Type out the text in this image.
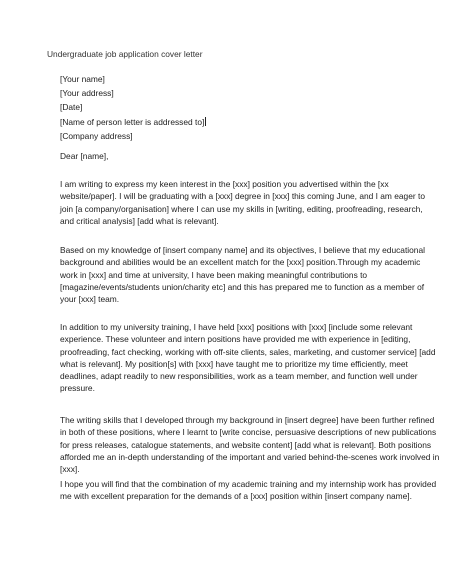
Undergraduate job application cover letter
[Your name]
[Your address]
[Date]
[Name of person letter is addressed to]
[Company address]
Dear [name],
I am writing to express my keen interest in the [xxx] position you advertised within the [xx
website/paper]. I will be graduating with a [xxx] degree in [xxx] this coming June, and I am eager to
join [a company/organisation] where I can use my skills in [writing, editing, proofreading, research,
and critical analysis] [add what is relevant].
Based on my knowledge of [insert company name] and its objectives, I believe that my educational
background and abilities would be an excellent match for the [xxx] position.Through my academic
work in [xxx] and time at university, I have been making meaningful contributions to
[magazine/events/students union/charity etc] and this has prepared me to function as a member of
your [xxx] team.
In addition to my university training, I have held [xxx] positions with [xxx] [include some relevant
experience. These volunteer and intern positions have provided me with experience in [editing,
proofreading, fact checking, working with off-site clients, sales, marketing, and customer service] [add
what is relevant]. My position[s] with [xxx] have taught me to prioritize my time efficiently, meet
deadlines, adapt readily to new responsibilities, work as a team member, and function well under
pressure.
The writing skills that I developed through my background in [insert degree] have been further refined
in both of these positions, where I learnt to [write concise, persuasive descriptions of new publications
for press releases, catalogue statements, and website content] [add what is relevant]. Both positions
afforded me an in-depth understanding of the important and varied behind-the-scenes work involved in
[xxx].
I hope you will find that the combination of my academic training and my internship work has provided
me with excellent preparation for the demands of a [xxx] position within [insert company name].
